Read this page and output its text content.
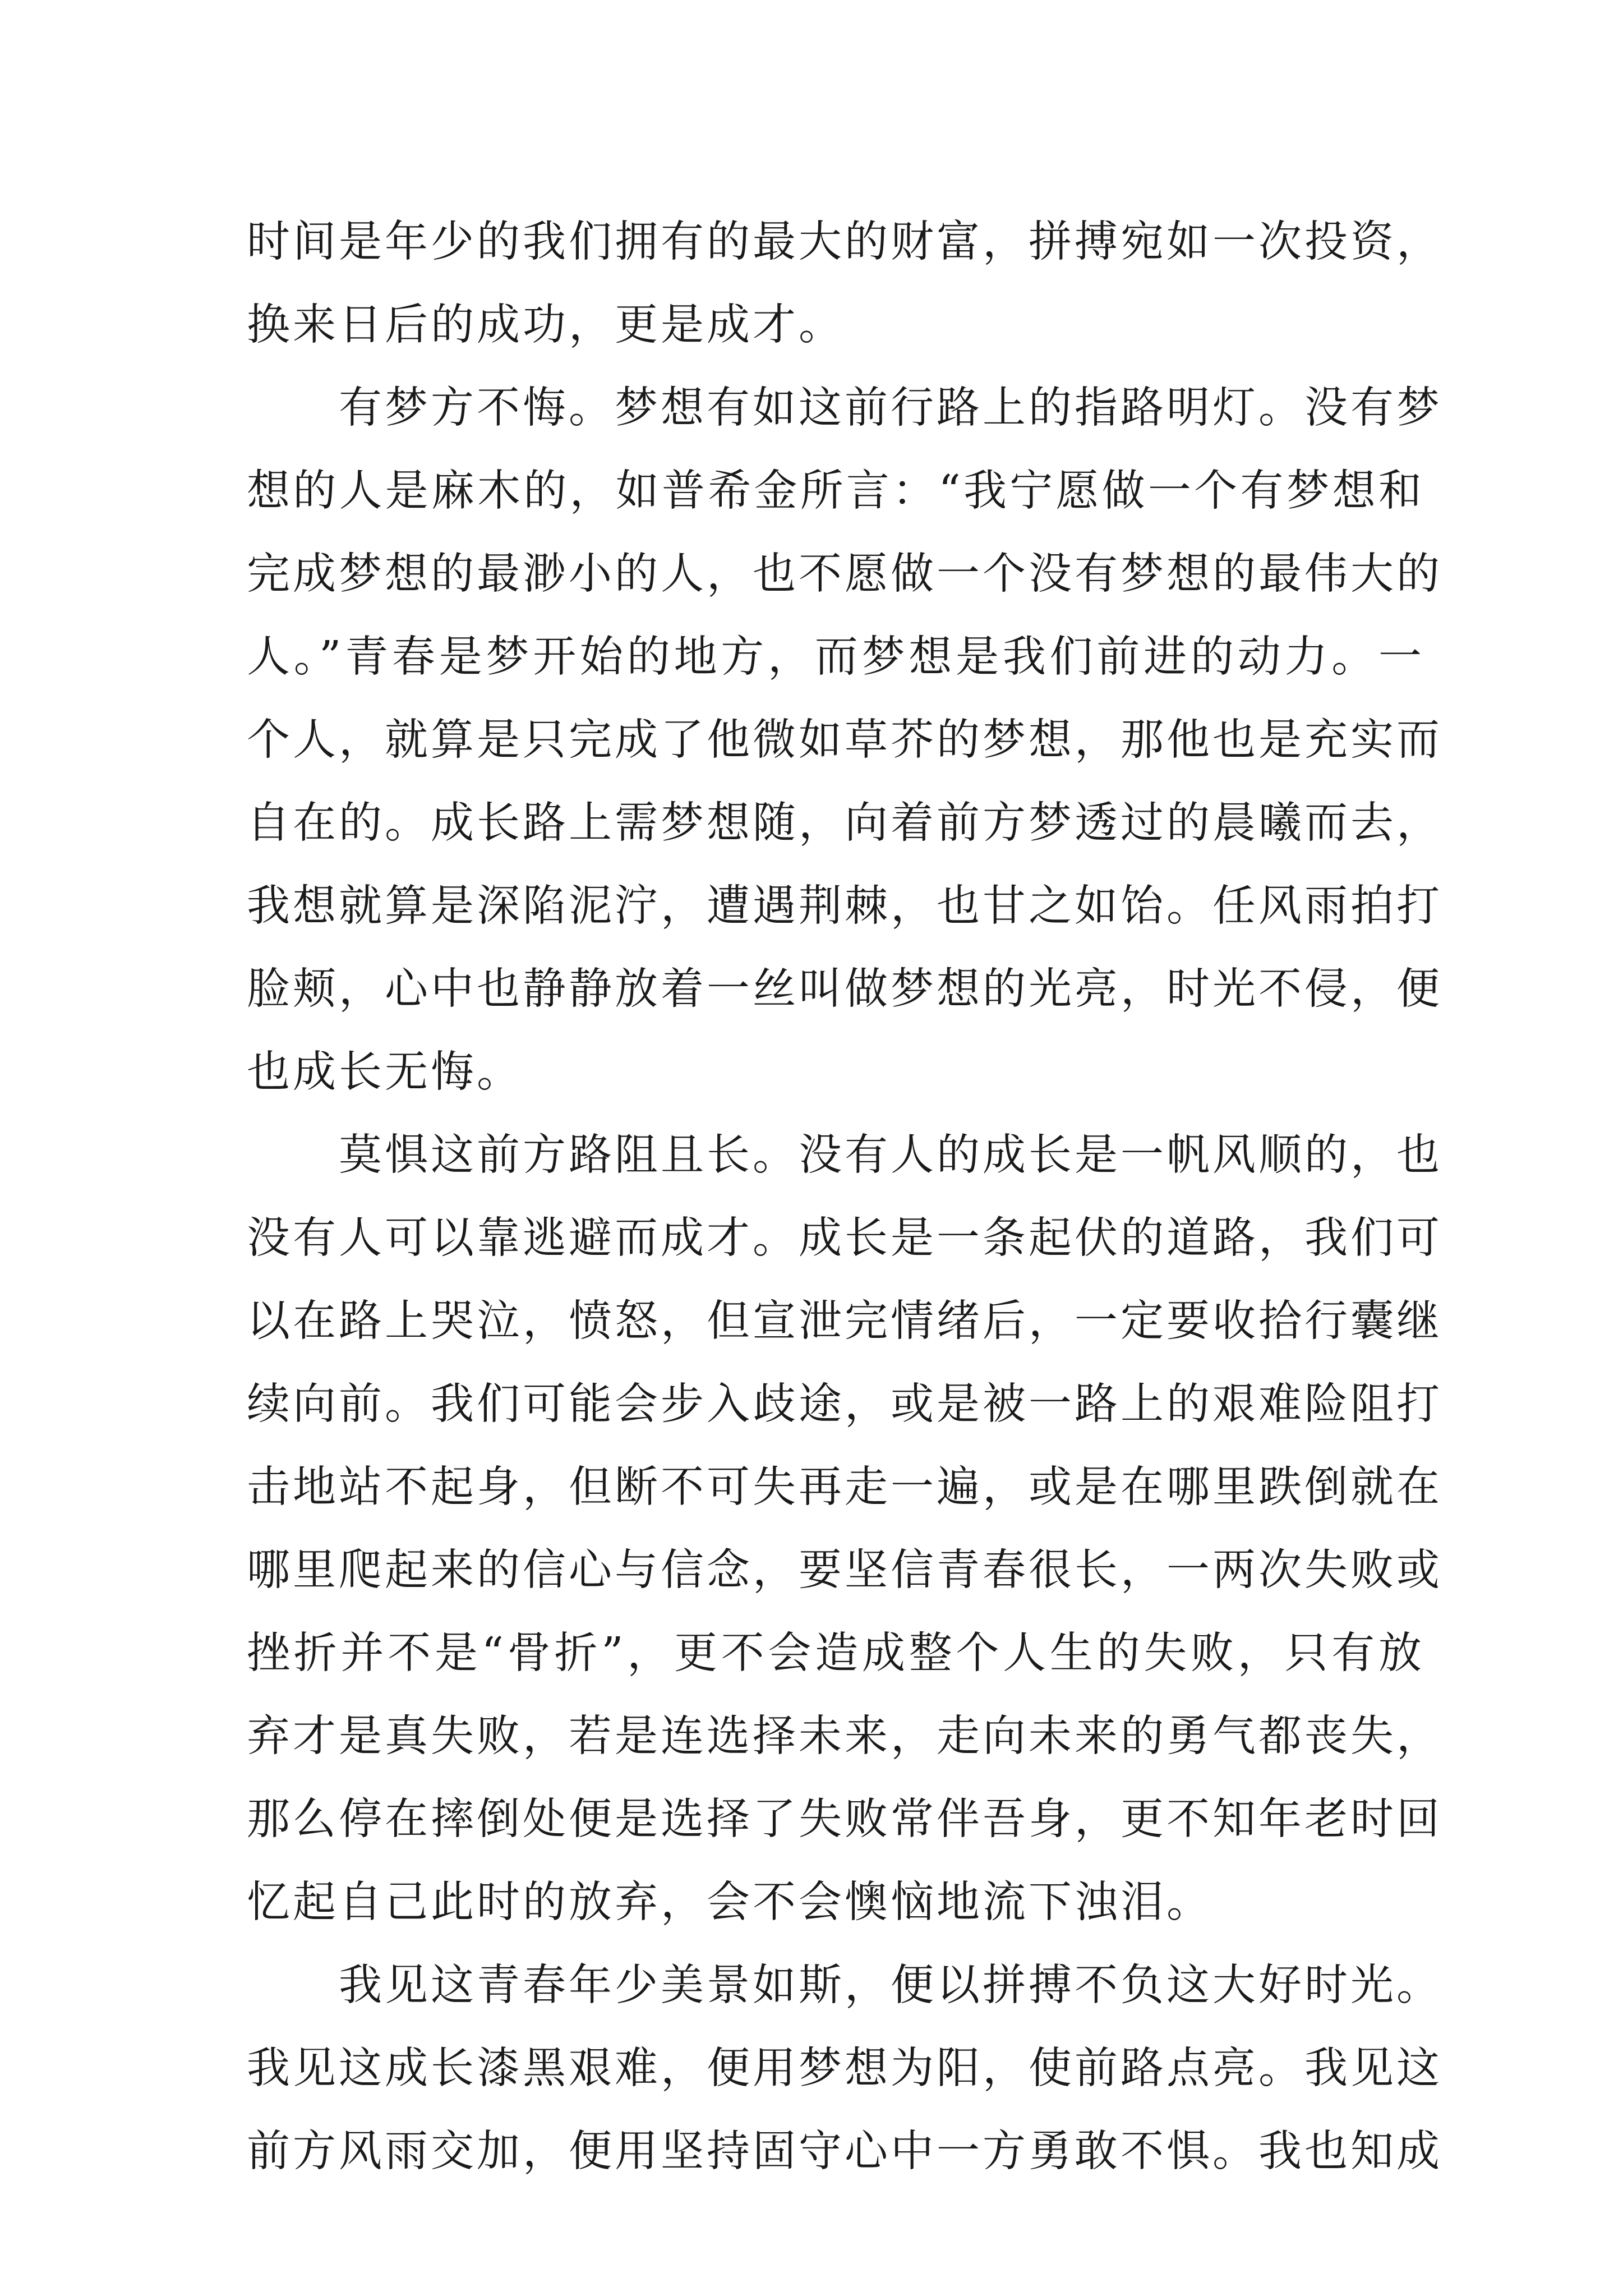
时间是年少的我们拥有的最大的财富，拼搏宛如一次投资，
换来日后的成功，更是成才。
有梦方不悔。梦想有如这前行路上的指路明灯。没有梦
想的人是麻木的，如普希金所言：“我宁愿做一个有梦想和
完成梦想的最渺小的人，也不愿做一个没有梦想的最伟大的
人。”青春是梦开始的地方，而梦想是我们前进的动力。一
个人，就算是只完成了他微如草芥的梦想，那他也是充实而
自在的。成长路上需梦想随，向着前方梦透过的晨曦而去，
我想就算是深陷泥泞，遭遇荆棘，也甘之如饴。任风雨拍打
脸颊，心中也静静放着一丝叫做梦想的光亮，时光不侵，便
也成长无悔。
莫惧这前方路阻且长。没有人的成长是一帆风顺的，也
没有人可以靠逃避而成才。成长是一条起伏的道路，我们可
以在路上哭泣，愤怒，但宣泄完情绪后，一定要收拾行囊继
续向前。我们可能会步入歧途，或是被一路上的艰难险阻打
击地站不起身，但断不可失再走一遍，或是在哪里跌倒就在
哪里爬起来的信心与信念，要坚信青春很长，一两次失败或
挫折并不是“骨折”，更不会造成整个人生的失败，只有放
弃才是真失败，若是连选择未来，走向未来的勇气都丧失，
那么停在摔倒处便是选择了失败常伴吾身，更不知年老时回
忆起自己此时的放弃，会不会懊恼地流下浊泪。
我见这青春年少美景如斯，便以拼搏不负这大好时光。
我见这成长漆黑艰难，便用梦想为阳，使前路点亮。我见这
前方风雨交加，便用坚持固守心中一方勇敢不惧。我也知成
